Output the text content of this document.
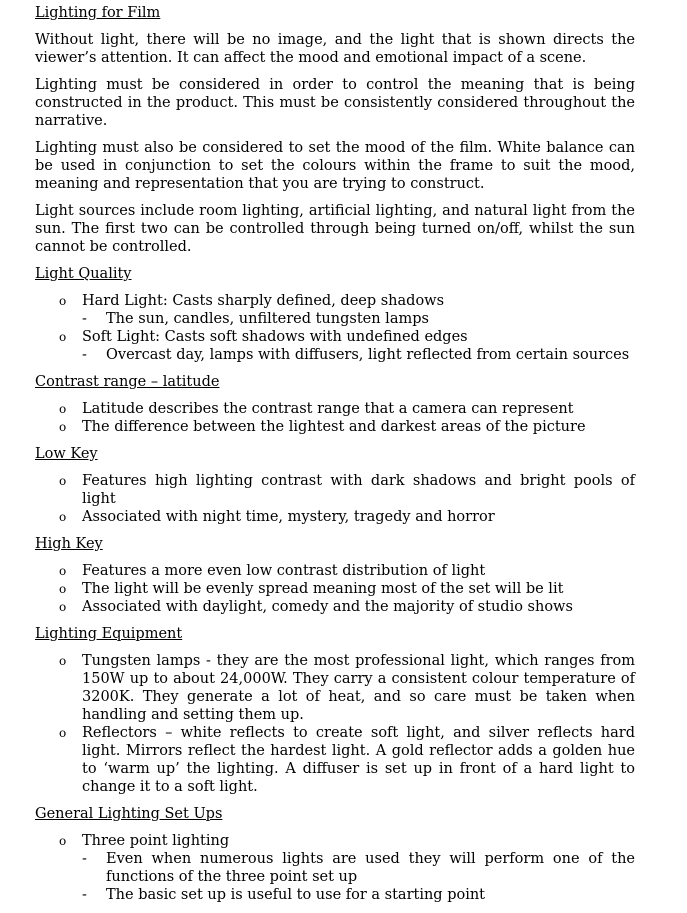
Lighting for Film
Without light, there will be no image, and the light that is shown directs the viewer’s attention. It can affect the mood and emotional impact of a scene.
Lighting must be considered in order to control the meaning that is being constructed in the product. This must be consistently considered throughout the narrative.
Lighting must also be considered to set the mood of the film. White balance can be used in conjunction to set the colours within the frame to suit the mood, meaning and representation that you are trying to construct.
Light sources include room lighting, artificial lighting, and natural light from the sun. The first two can be controlled through being turned on/off, whilst the sun cannot be controlled.
Light Quality
o Hard Light: Casts sharply defined, deep shadows
- The sun, candles, unfiltered tungsten lamps
o Soft Light: Casts soft shadows with undefined edges
- Overcast day, lamps with diffusers, light reflected from certain sources
Contrast range – latitude
o Latitude describes the contrast range that a camera can represent
o The difference between the lightest and darkest areas of the picture
Low Key
o Features high lighting contrast with dark shadows and bright pools of light
o Associated with night time, mystery, tragedy and horror
High Key
o Features a more even low contrast distribution of light
o The light will be evenly spread meaning most of the set will be lit
o Associated with daylight, comedy and the majority of studio shows
Lighting Equipment
o Tungsten lamps - they are the most professional light, which ranges from 150W up to about 24,000W. They carry a consistent colour temperature of 3200K. They generate a lot of heat, and so care must be taken when handling and setting them up.
o Reflectors – white reflects to create soft light, and silver reflects hard light. Mirrors reflect the hardest light. A gold reflector adds a golden hue to ‘warm up’ the lighting. A diffuser is set up in front of a hard light to change it to a soft light.
General Lighting Set Ups
o Three point lighting
- Even when numerous lights are used they will perform one of the functions of the three point set up
- The basic set up is useful to use for a starting point
